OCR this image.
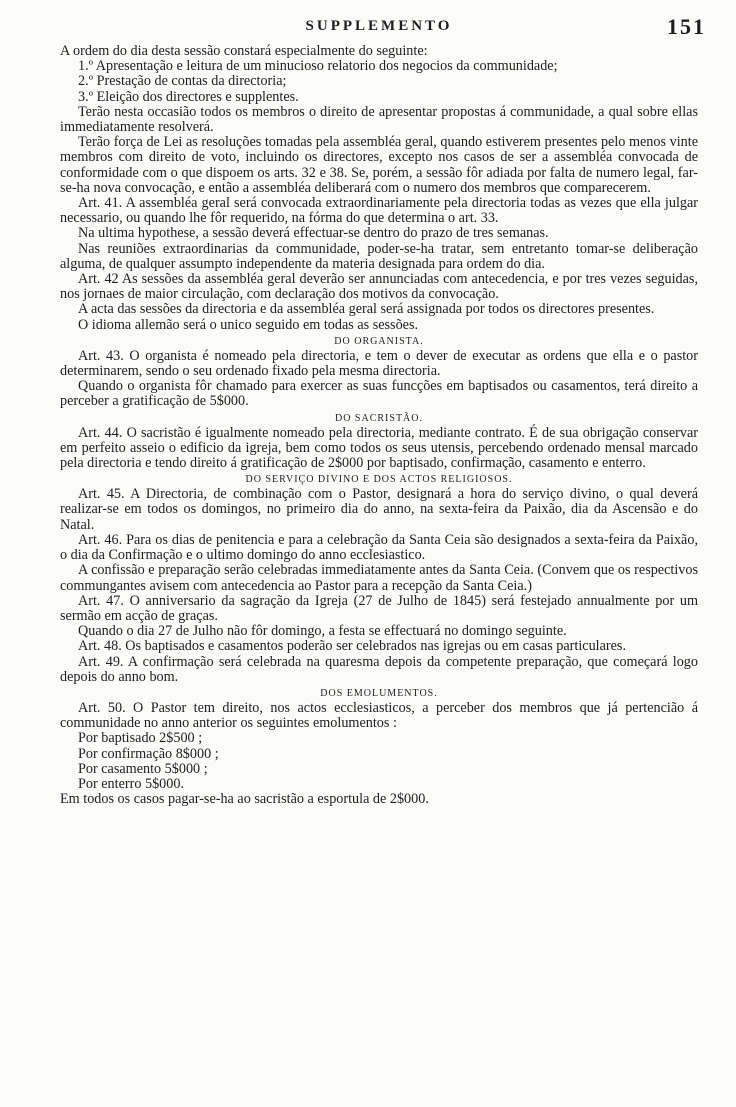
SUPPLEMENTO	151

A ordem do dia desta sessão constará especialmente do seguinte:

1.º Apresentação e leitura de um minucioso relatorio dos negocios da communidade;

2.º Prestação de contas da directoria;

3.º Eleição dos directores e supplentes.

Terão nesta occasião todos os membros o direito de apresentar propostas á communidade, a qual sobre ellas immediatamente resolverá.

Terão força de Lei as resoluções tomadas pela assembléa geral, quando estiverem presentes pelo menos vinte membros com direito de voto, incluindo os directores, excepto nos casos de ser a assembléa convocada de conformidade com o que dispoem os arts. 32 e 38. Se, porém, a sessão fôr adiada por falta de numero legal, far-se-ha nova convocação, e então a assembléa deliberará com o numero dos membros que comparecerem.

Art. 41. A assembléa geral será convocada extraordinariamente pela directoria todas as vezes que ella julgar necessario, ou quando lhe fôr requerido, na fórma do que determina o art. 33.

Na ultima hypothese, a sessão deverá effectuar-se dentro do prazo de tres semanas.

Nas reuniões extraordinarias da communidade, poder-se-ha tratar, sem entretanto tomar-se deliberação alguma, de qualquer assumpto independente da materia designada para ordem do dia.

Art. 42 As sessões da assembléa geral deverão ser annunciadas com antecedencia, e por tres vezes seguidas, nos jornaes de maior circulação, com declaração dos motivos da convocação.

A acta das sessões da directoria e da assembléa geral será assignada por todos os directores presentes.

O idioma allemão será o unico seguido em todas as sessões.

DO ORGANISTA.

Art. 43. O organista é nomeado pela directoria, e tem o dever de executar as ordens que ella e o pastor determinarem, sendo o seu ordenado fixado pela mesma directoria.

Quando o organista fôr chamado para exercer as suas funcções em baptisados ou casamentos, terá direito a perceber a gratificação de 5$000.

DO SACRISTÃO.

Art. 44. O sacristão é igualmente nomeado pela directoria, mediante contrato. É de sua obrigação conservar em perfeito asseio o edificio da igreja, bem como todos os seus utensis, percebendo ordenado mensal marcado pela directoria e tendo direito á gratificação de 2$000 por baptisado, confirmação, casamento e enterro.

DO SERVIÇO DIVINO E DOS ACTOS RELIGIOSOS.

Art. 45. A Directoria, de combinação com o Pastor, designará a hora do serviço divino, o qual deverá realizar-se em todos os domingos, no primeiro dia do anno, na sexta-feira da Paixão, dia da Ascensão e do Natal.

Art. 46. Para os dias de penitencia e para a celebração da Santa Ceia são designados a sexta-feira da Paixão, o dia da Confirmação e o ultimo domingo do anno ecclesiastico.

A confissão e preparação serão celebradas immediatamente antes da Santa Ceia. (Convem que os respectivos commungantes avisem com antecedencia ao Pastor para a recepção da Santa Ceia.)

Art. 47. O anniversario da sagração da Igreja (27 de Julho de 1845) será festejado annualmente por um sermão em acção de graças.

Quando o dia 27 de Julho não fôr domingo, a festa se effectuará no domingo seguinte.

Art. 48. Os baptisados e casamentos poderão ser celebrados nas igrejas ou em casas particulares.

Art. 49. A confirmação será celebrada na quaresma depois da competente preparação, que começará logo depois do anno bom.

DOS EMOLUMENTOS.

Art. 50. O Pastor tem direito, nos actos ecclesiasticos, a perceber dos membros que já pertencião á communidade no anno anterior os seguintes emolumentos :

Por baptisado 2$500 ;

Por confirmação 8$000 ;

Por casamento 5$000 ;

Por enterro 5$000.

Em todos os casos pagar-se-ha ao sacristão a esportula de 2$000.
